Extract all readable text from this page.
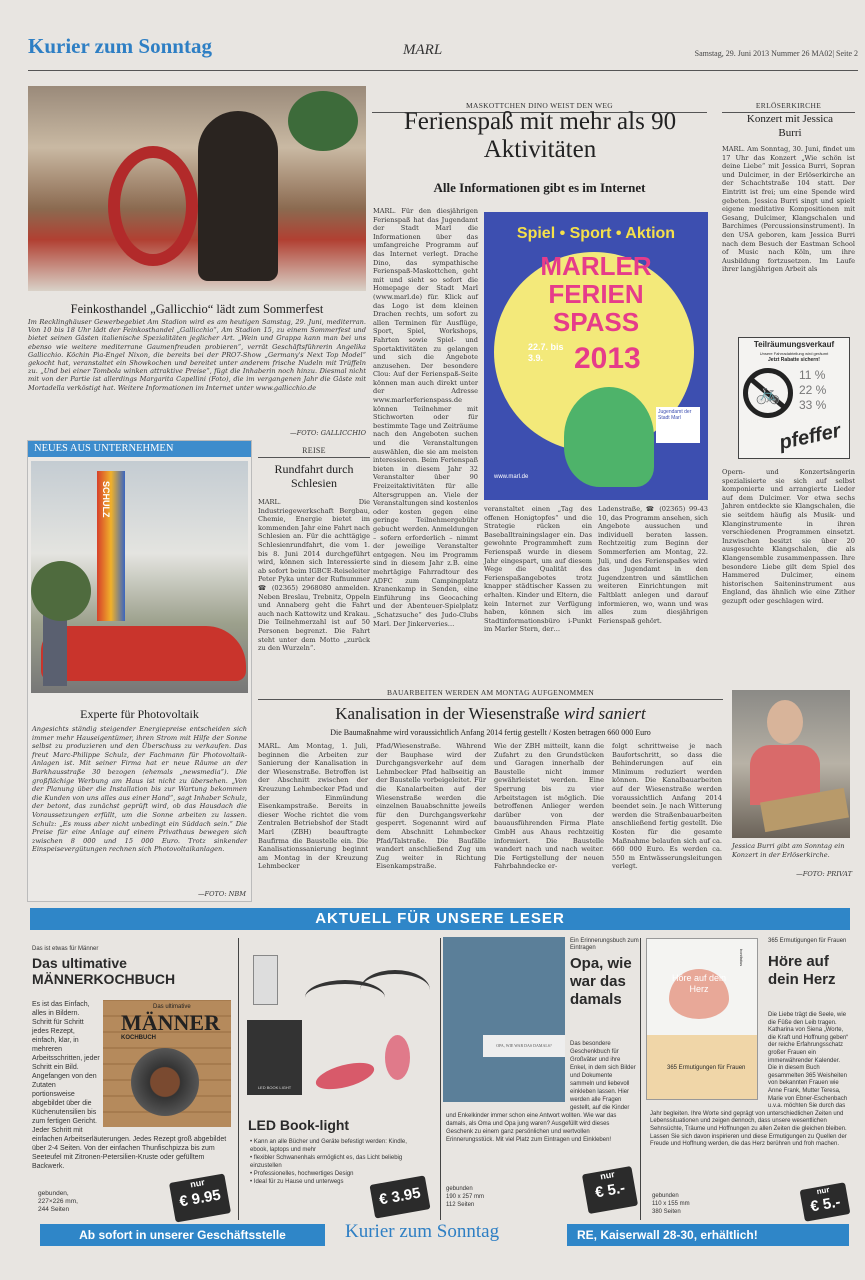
Kurier zum Sonntag	MARL	Samstag, 29. Juni 2013 Nummer 26 MA02| Seite 2
Feinkosthandel „Gallicchio“ lädt zum Sommerfest
Im Recklinghäuser Gewerbegebiet Am Stadion wird es am heutigen Samstag, 29. Juni, mediterran. Von 10 bis 18 Uhr lädt der Feinkosthandel „Gallicchio“, Am Stadion 15, zu einem Sommerfest und bietet seinen Gästen italienische Spezialitäten jeglicher Art. „Wein und Grappa kann man bei uns ebenso wie weitere mediterrane Gaumenfreuden probieren“, verrät Geschäftsführerin Angelika Gallicchio. Köchin Pia-Engel Nixon, die bereits bei der PRO7-Show „Germany's Next Top Model“ gekocht hat, veranstaltet ein Showkochen und bereitet unter anderem frische Nudeln mit Trüffeln zu. „Und bei einer Tombola winken attraktive Preise“, fügt die Inhaberin noch hinzu. Diesmal nicht mit von der Partie ist allerdings Margarita Capellini (Foto), die im vergangenen Jahr die Gäste mit Mortadella verköstigt hat. Weitere Informationen im Internet unter www.gallicchio.de
—FOTO: GALLICCHIO
NEUES AUS UNTERNEHMEN
SCHULZ
Experte für Photovoltaik
Angesichts ständig steigender Energiepreise entscheiden sich immer mehr Hauseigentümer, ihren Strom mit Hilfe der Sonne selbst zu produzieren und den Überschuss zu verkaufen. Das freut Marc-Philippe Schulz, der Fachmann für Photovoltaik-Anlagen ist. Mit seiner Firma hat er neue Räume an der Barkhausstraße 30 bezogen (ehemals „newsmedia“). Die großflächige Werbung am Haus ist nicht zu übersehen. „Von der Planung über die Installation bis zur Wartung bekommen die Kunden von uns alles aus einer Hand“, sagt Inhaber Schulz, der betont, das zunächst geprüft wird, ob das Hausdach die Voraussetzungen erfüllt, um die Sonne arbeiten zu lassen. Schulz: „Es muss aber nicht unbedingt ein Süddach sein.“ Die Preise für eine Anlage auf einem Privathaus bewegen sich zwischen 8 000 und 15 000 Euro. Trotz sinkender Einspeisevergütungen rechnen sich Photovoltaikanlagen.
—FOTO: NBM
REISE
Rundfahrt durch Schlesien
MARL. Die Industriegewerkschaft Bergbau, Chemie, Energie bietet im kommenden Jahr eine Fahrt nach Schlesien an. Für die achttägige Schlesienrundfahrt, die vom 1. bis 8. Juni 2014 durchgeführt wird, können sich Interessierte ab sofort beim IGBCE-Reiseleiter Peter Pyka unter der Rufnummer ☎ (02365) 2968080 anmelden. Neben Breslau, Trebnitz, Oppeln und Annaberg geht die Fahrt auch nach Kattowitz und Krakau. Die Teilnehmerzahl ist auf 50 Personen begrenzt. Die Fahrt steht unter dem Motto „zurück zu den Wurzeln“.
MASKOTTCHEN DINO WEIST DEN WEG
Ferienspaß mit mehr als 90 Aktivitäten
Alle Informationen gibt es im Internet
MARL. Für den diesjährigen Ferienspaß hat das Jugendamt der Stadt Marl die Informationen über das umfangreiche Programm auf das Internet verlegt. Drache Dino, das sympathische Ferienspaß-Maskottchen, geht mit und sieht so sofort die Homepage der Stadt Marl (www.marl.de) für. Klick auf das Logo ist dem kleinen Drachen rechts, um sofort zu allen Terminen für Ausflüge, Sport, Spiel, Workshops, Fahrten sowie Spiel- und Sportaktivitäten zu gelangen und sich die Angebote anzusehen. Der besondere Clou: Auf der Ferienspaß-Seite können man auch direkt unter der Adresse www.marlerferienspass.de können Teilnehmer mit Stichworten oder für bestimmte Tage und Zeiträume nach den Angeboten suchen und die Veranstaltungen auswählen, die sie am meisten interessieren. Beim Ferienspaß bieten in diesem Jahr 32 Veranstalter über 90 Freizeitaktivitäten für alle Altersgruppen an. Viele der Veranstaltungen sind kostenlos oder kosten gegen eine geringe Teilnehmergebühr gebucht werden. Anmeldungen – sofern erforderlich – nimmt der jeweilige Veranstalter entgegen. Neu im Programm sind in diesem Jahr z.B. eine mehrtägige Fahrradtour des ADFC zum Campingplatz Kranenkamp in Senden, eine Einführung ins Geocaching und der Abenteuer-Spielplatz „Schatzsuche“ des Judo-Clubs Marl. Der Jinkerveries…
Spiel • Sport • Aktion
MARLER
FERIEN
SPASS
22.7. bis 3.9.	2013
Jugendamt der Stadt Marl
www.marl.de
veranstaltet einen „Tag des offenen Honigtopfes“ und die Strategie rücken ein Baseballtrainingslager ein. Das gewohnte Programmheft zum Ferienspaß wurde in diesem Jahr eingespart, um auf diesem Wege die Qualität des Ferienspaßangebotes trotz knapper städtischer Kassen zu erhalten. Kinder und Eltern, die kein Internet zur Verfügung haben, können sich im Stadtinformationsbüro i-Punkt im Marler Stern, der…
Ladenstraße, ☎ (02365) 99-43 10, das Programm ansehen, sich Angebote aussuchen und individuell beraten lassen. Rechtzeitig zum Beginn der Sommerferien am Montag, 22. Juli, und des Ferienspaßes wird das Jugendamt in den Jugendzentren und sämtlichen weiteren Einrichtungen mit Faltblatt anlegen und darauf informieren, wo, wann und was alles zum diesjährigen Ferienspaß gehört.
ERLÖSERKIRCHE
Konzert mit Jessica Burri
MARL. Am Sonntag, 30. Juni, findet um 17 Uhr das Konzert „Wie schön ist deine Liebe“ mit Jessica Burri, Sopran und Dulcimer, in der Erlöserkirche an der Schachtstraße 104 statt. Der Eintritt ist frei; um eine Spende wird gebeten. Jessica Burri singt und spielt eigene meditative Kompositionen mit Gesang, Dulcimer, Klangschalen und Barchimes (Percussionsinstrument). In den USA geboren, kam Jessica Burri nach dem Besuch der Eastman School of Music nach Köln, um ihre Ausbildung fortzusetzen. Im Laufe ihrer langjährigen Arbeit als
Teilräumungsverkauf
Unsere Fahrradabteilung wird geräumt
Jetzt Rabatte sichern!
🚲
11 %
22 %
33 %
pfeffer
Opern- und Konzertsängerin spezialisierte sie sich auf selbst komponierte und arrangierte Lieder auf dem Dulcimer. Vor etwa sechs Jahren entdeckte sie Klangschalen, die sie seitdem häufig als Musik- und Klanginstrumente in ihren verschiedenen Programmen einsetzt. Inzwischen besitzt sie über 20 ausgesuchte Klangschalen, die als Klangensemble zusammenpassen. Ihre besondere Liebe gilt dem Spiel des Hammered Dulcimer, einem historischen Saiteninstrument aus England, das ähnlich wie eine Zither gezupft oder geschlagen wird.
Jessica Burri gibt am Sonntag ein Konzert in der Erlöserkirche.
—FOTO: PRIVAT
BAUARBEITEN WERDEN AM MONTAG AUFGENOMMEN
Kanalisation in der Wiesenstraße wird saniert
Die Baumaßnahme wird voraussichtlich Anfang 2014 fertig gestellt / Kosten betragen 660 000 Euro
MARL. Am Montag, 1. Juli, beginnen die Arbeiten zur Sanierung der Kanalisation in der Wiesenstraße. Betroffen ist der Abschnitt zwischen der Kreuzung Lehmbecker Pfad und der Einmündung Eisenkampstraße. Bereits in dieser Woche richtet die vom Zentralen Betriebshof der Stadt Marl (ZBH) beauftragte Baufirma die Baustelle ein. Die Kanalisationssanierung beginnt am Montag in der Kreuzung Lehmbecker
Pfad/Wiesenstraße. Während der Bauphase wird der Durchgangsverkehr auf dem Lehmbecker Pfad halbseitig an der Baustelle vorbeigeleitet. Für die Kanalarbeiten auf der Wiesenstraße werden die einzelnen Bauabschnitte jeweils für den Durchgangsverkehr gesperrt. Sogenannt wird auf dem Abschnitt Lehmbecker Pfad/Talstraße. Die Baufälle wandert anschließend Zug um Zug weiter in Richtung Eisenkampstraße.
Wie der ZBH mitteilt, kann die Zufahrt zu den Grundstücken und Garagen innerhalb der Baustelle nicht immer gewährleistet werden. Eine Sperrung bis zu vier Arbeitstagen ist möglich. Die betroffenen Anlieger werden darüber von der bauausführenden Firma Plate GmbH aus Ahaus rechtzeitig informiert. Die Baustelle wandert nach und nach weiter. Die Fertigstellung der neuen Fahrbahndecke er-
folgt schrittweise je nach Baufortschritt, so dass die Behinderungen auf ein Minimum reduziert werden können. Die Kanalbauarbeiten auf der Wiesenstraße werden voraussichtlich Anfang 2014 beendet sein. Je nach Witterung werden die Straßenbauarbeiten anschließend fertig gestellt. Die Kosten für die gesamte Maßnahme belaufen sich auf ca. 660 000 Euro. Es werden ca. 550 m Entwässerungsleitungen verlegt.
AKTUELL FÜR UNSERE LESER
Das ist etwas für Männer
Das ultimative MÄNNERKOCHBUCH
Das ultimative
MÄNNER
KOCHBUCH
Es ist das Einfach, alles in Bildern. Schritt für Schritt jedes Rezept, einfach, klar, in mehreren Arbeitsschritten, jeder Schritt ein Bild. Angefangen von den Zutaten portionsweise abgebildet über die Küchenutensilien bis zum fertigen Gericht. Jeder Schritt mit einfachen Arbeitserläuterungen. Jedes Rezept groß abgebildet über 2-4 Seiten. Von der einfachen Thunfischpizza bis zum Seeteufel mit Zitronen-Petersilien-Kruste oder gefülltem Backwerk.
gebunden,
227×226 mm,
244 Seiten
nur
€ 9.95
LED BOOK LIGHT
LED Book-light
• Kann an alle Bücher und Geräte befestigt werden: Kindle, ebook, laptops und mehr
• flexibler Schwanenhals ermöglicht es, das Licht beliebig einzustellen
• Professionelles, hochwertiges Design
• Ideal für zu Hause und unterwegs
€ 3.95
OPA, WIE WAR DAS DAMALS?
Ein Erinnerungsbuch zum Eintragen
Opa, wie war das damals
Das besondere Geschenkbuch für Großväter und ihre Enkel, in dem sich Bilder und Dokumente sammeln und liebevoll einkleben lassen. Hier werden alle Fragen gestellt, auf die Kinder und Enkelkinder immer schon eine Antwort wollten. Wie war das damals, als Oma und Opa jung waren? Ausgefüllt wird dieses Geschenk zu einem ganz persönlichen und wertvollen Erinnerungsstück. Mit viel Platz zum Eintragen und Einkleben!
gebunden
190 x 257 mm
112 Seiten
nur
€ 5.-
Höre auf dein Herz
365 Ermutigungen für Frauen
bonifatius
365 Ermutigungen für Frauen
Höre auf dein Herz
Die Liebe trägt die Seele, wie die Füße den Leib tragen. Katharina von Siena „Worte, die Kraft und Hoffnung geben“ der reiche Erfahrungsschatz großer Frauen ein immerwährender Kalender. Die in diesem Buch gesammelten 365 Weisheiten von bekannten Frauen wie Anne Frank, Mutter Teresa, Marie von Ebner-Eschenbach u.v.a. möchten Sie durch das Jahr begleiten. Ihre Worte sind geprägt von unterschiedlichen Zeiten und Lebenssituationen und zeigen dennoch, dass unsere wesentlichen Sehnsüchte, Träume und Hoffnungen zu allen Zeiten die gleichen bleiben. Lassen Sie sich davon inspirieren und diese Ermutigungen zu Quellen der Freude und Hoffnung werden, die das Herz berühren und froh machen.
gebunden
110 x 155 mm
380 Seiten
nur
€ 5.-
Ab sofort in unserer Geschäftsstelle	Kurier zum Sonntag	RE, Kaiserwall 28-30, erhältlich!
